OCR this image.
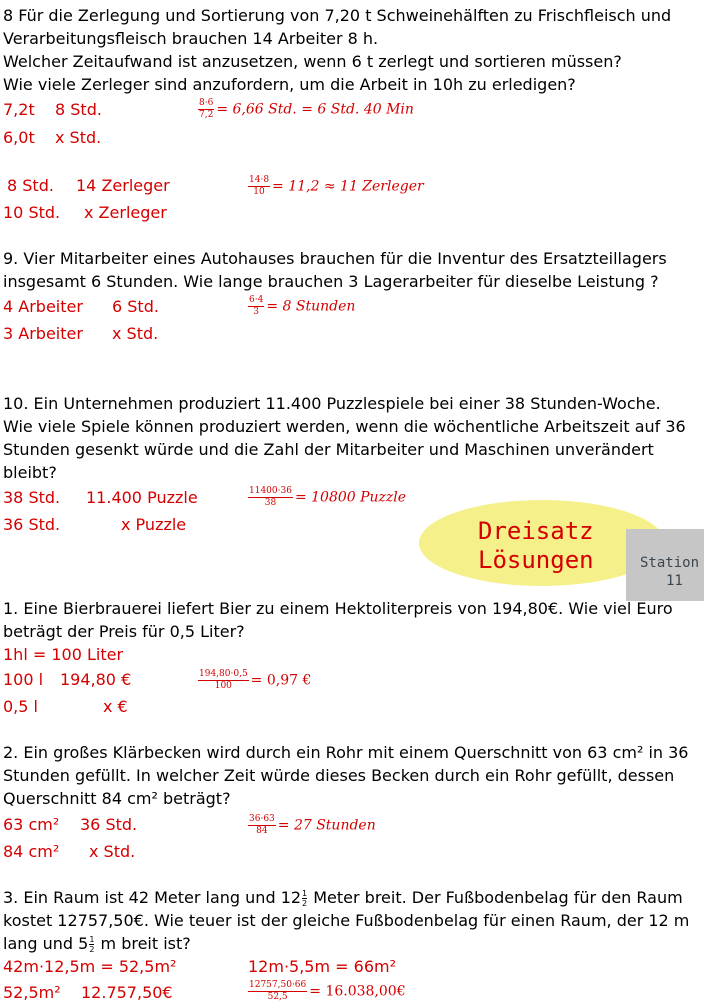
8 Für die Zerlegung und Sortierung von 7,20 t Schweinehälften zu Frischfleisch und
Verarbeitungsfleisch brauchen 14 Arbeiter 8 h.
Welcher Zeitaufwand ist anzusetzen, wenn 6 t zerlegt und sortieren müssen?
Wie viele Zerleger sind anzufordern, um die Arbeit in 10h zu erledigen?
7,2t 8 Std.
6,0t x Std.
$\frac{8\cdot 6}{7,2} = 6,66$ Std. = 6 Std. 40 Min
8 Std. 14 Zerleger
10 Std. x Zerleger
$\frac{14\cdot 8}{10} = 11,2 \approx 11$ Zerleger
9. Vier Mitarbeiter eines Autohauses brauchen für die Inventur des Ersatzteillagers
insgesamt 6 Stunden. Wie lange brauchen 3 Lagerarbeiter für dieselbe Leistung ?
4 Arbeiter 6 Std.
3 Arbeiter x Std.
$\frac{6\cdot 4}{3} = 8$ Stunden
10. Ein Unternehmen produziert 11.400 Puzzlespiele bei einer 38 Stunden-Woche.
Wie viele Spiele können produziert werden, wenn die wöchentliche Arbeitszeit auf 36
Stunden gesenkt würde und die Zahl der Mitarbeiter und Maschinen unverändert
bleibt?
38 Std. 11.400 Puzzle
36 Std.	x Puzzle
$\frac{11400\cdot 36}{38} = 10800$ Puzzle
Dreisatz
Lösungen	Station
11
1. Eine Bierbrauerei liefert Bier zu einem Hektoliterpreis von 194,80€. Wie viel Euro
beträgt der Preis für 0,5 Liter?
1hl = 100 Liter
100 l 194,80 €
0,5 l	x €
$\frac{194,80\cdot 0,5}{100} = 0,97$ €
2. Ein großes Klärbecken wird durch ein Rohr mit einem Querschnitt von 63 cm² in 36
Stunden gefüllt. In welcher Zeit würde dieses Becken durch ein Rohr gefüllt, dessen
Querschnitt 84 cm² beträgt?
63 cm² 36 Std.
84 cm² x Std.
$\frac{36\cdot 63}{84} = 27$ Stunden
3. Ein Raum ist 42 Meter lang und $12 \frac{1}{2}$ Meter breit. Der Fußbodenbelag für den Raum
kostet 12757,50€. Wie teuer ist der gleiche Fußbodenbelag für einen Raum, der 12 m
lang und $5 \frac{1}{2}$ m breit ist?
42m·12,5m = 52,5m²	12m·5,5m = 66m²
52,5m² 12.757,50€	$\frac{12757,50\cdot 66}{52,5}$ = 16.038,00€
